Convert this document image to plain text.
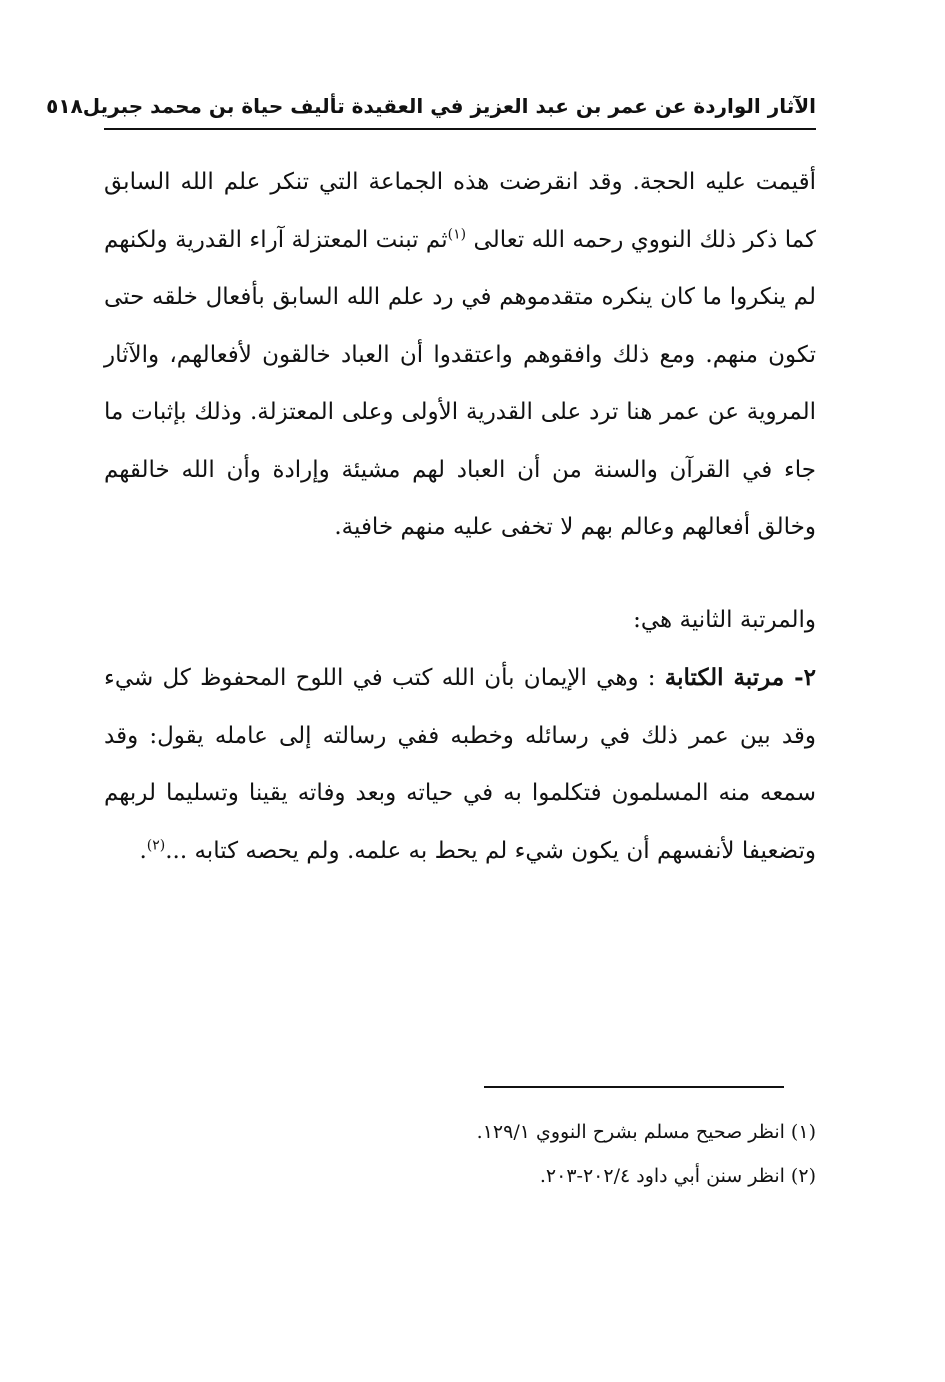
الآثار الواردة عن عمر بن عبد العزيز في العقيدة تأليف حياة بن محمد جبريل
٥١٨

أقيمت عليه الحجة. وقد انقرضت هذه الجماعة التي تنكر علم الله السابق كما ذكر ذلك النووي رحمه الله تعالى $^{(١)}$ثم تبنت المعتزلة آراء القدرية ولكنهم لم ينكروا ما كان ينكره متقدموهم في رد علم الله السابق بأفعال خلقه حتى تكون منهم. ومع ذلك وافقوهم واعتقدوا أن العباد خالقون لأفعالهم، والآثار المروية عن عمر هنا ترد على القدرية الأولى وعلى المعتزلة. وذلك بإثبات ما جاء في القرآن والسنة من أن العباد لهم مشيئة وإرادة وأن الله خالقهم وخالق أفعالهم وعالم بهم لا تخفى عليه منهم خافية.

والمرتبة الثانية هي:

٢- مرتبة الكتابة : وهي الإيمان بأن الله كتب في اللوح المحفوظ كل شيء وقد بين عمر ذلك في رسائله وخطبه ففي رسالته إلى عامله يقول: وقد سمعه منه المسلمون فتكلموا به في حياته وبعد وفاته يقينا وتسليما لربهم وتضعيفا لأنفسهم أن يكون شيء لم يحط به علمه. ولم يحصه كتابه ...$^{(٢)}$.

(١) انظر صحيح مسلم بشرح النووي ١٢٩/١.

(٢) انظر سنن أبي داود ٢٠٢/٤-٢٠٣.
